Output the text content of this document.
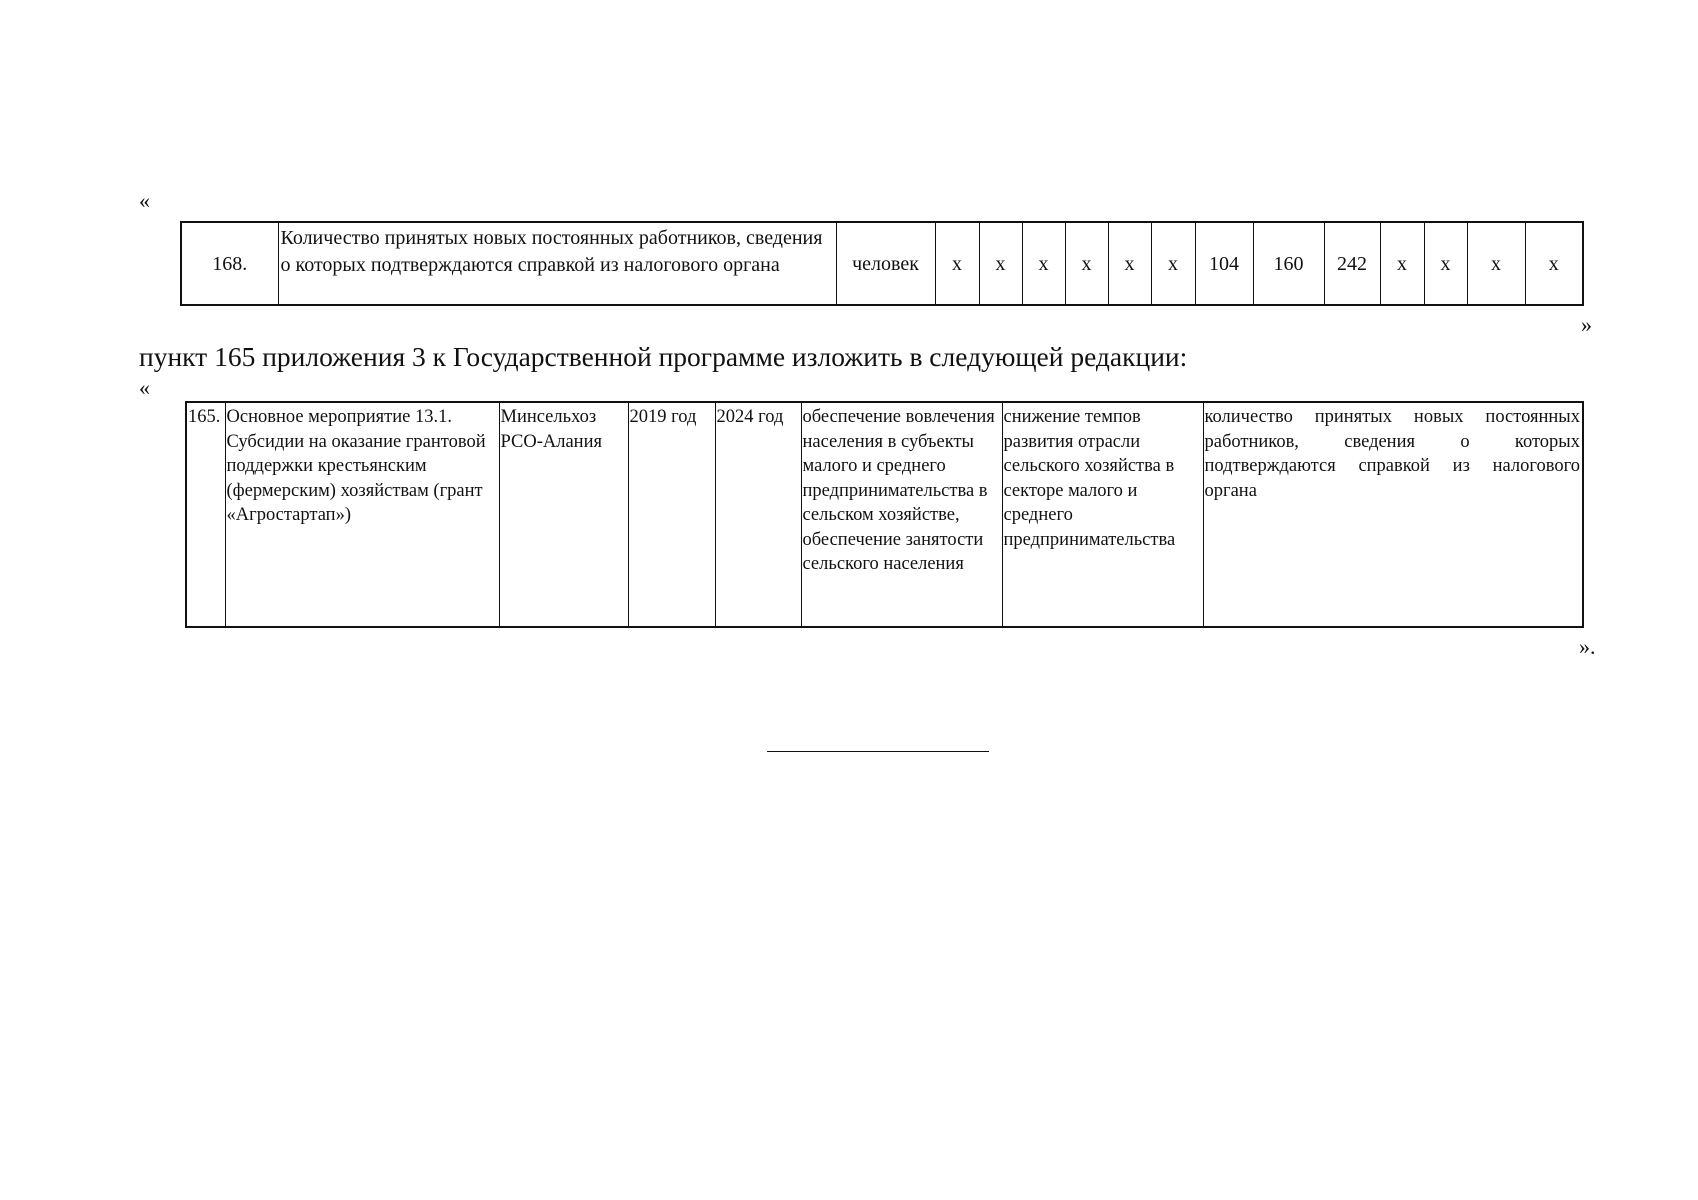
«
168.	Количество принятых новых постоянных работников, сведения о которых подтверждаются справкой из налогового органа	человек	x	x	x	x	x	x	104	160	242	x	x	x	x
»
пункт 165 приложения 3 к Государственной программе изложить в следующей редакции:
«
165.	Основное мероприятие 13.1. Субсидии на оказание грантовой поддержки крестьянским (фермерским) хозяйствам (грант «Агростартап»)	Минсельхоз РСО-Алания	2019 год	2024 год	обеспечение вовлечения населения в субъекты малого и среднего предпринимательства в сельском хозяйстве, обеспечение занятости сельского населения	снижение темпов развития отрасли сельского хозяйства в секторе малого и среднего предпринимательства	количество принятых новых постоянных работников, сведения о которых подтверждаются справкой из налогового органа
».
